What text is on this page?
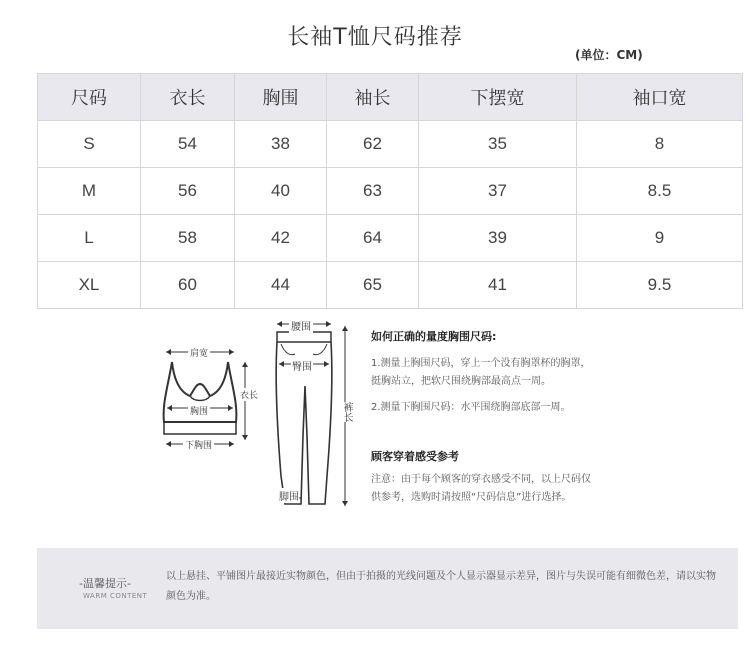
长袖T恤尺码推荐
(单位：CM)
尺码	衣长	胸围	袖长	下摆宽	袖口宽
S	54	38	62	35	8
M	56	40	63	37	8.5
L	58	42	64	39	9
XL	60	44	65	41	9.5
肩宽
衣长
胸围
下胸围
腰围
臀围
裤长
脚围
如何正确的量度胸围尺码:
1.测量上胸围尺码，穿上一个没有胸罩杯的胸罩，
挺胸站立，把软尺围绕胸部最高点一周。
2.测量下胸围尺码：水平围绕胸部底部一周。
顾客穿着感受参考
注意：由于每个顾客的穿衣感受不同，以上尺码仅
供参考，选购时请按照“尺码信息”进行选择。
-温馨提示-
WARM CONTENT
以上悬挂、平铺图片最接近实物颜色，但由于拍摄的光线问题及个人显示器显示差异，图片与失误可能有细微色差，请以实物颜色为准。
